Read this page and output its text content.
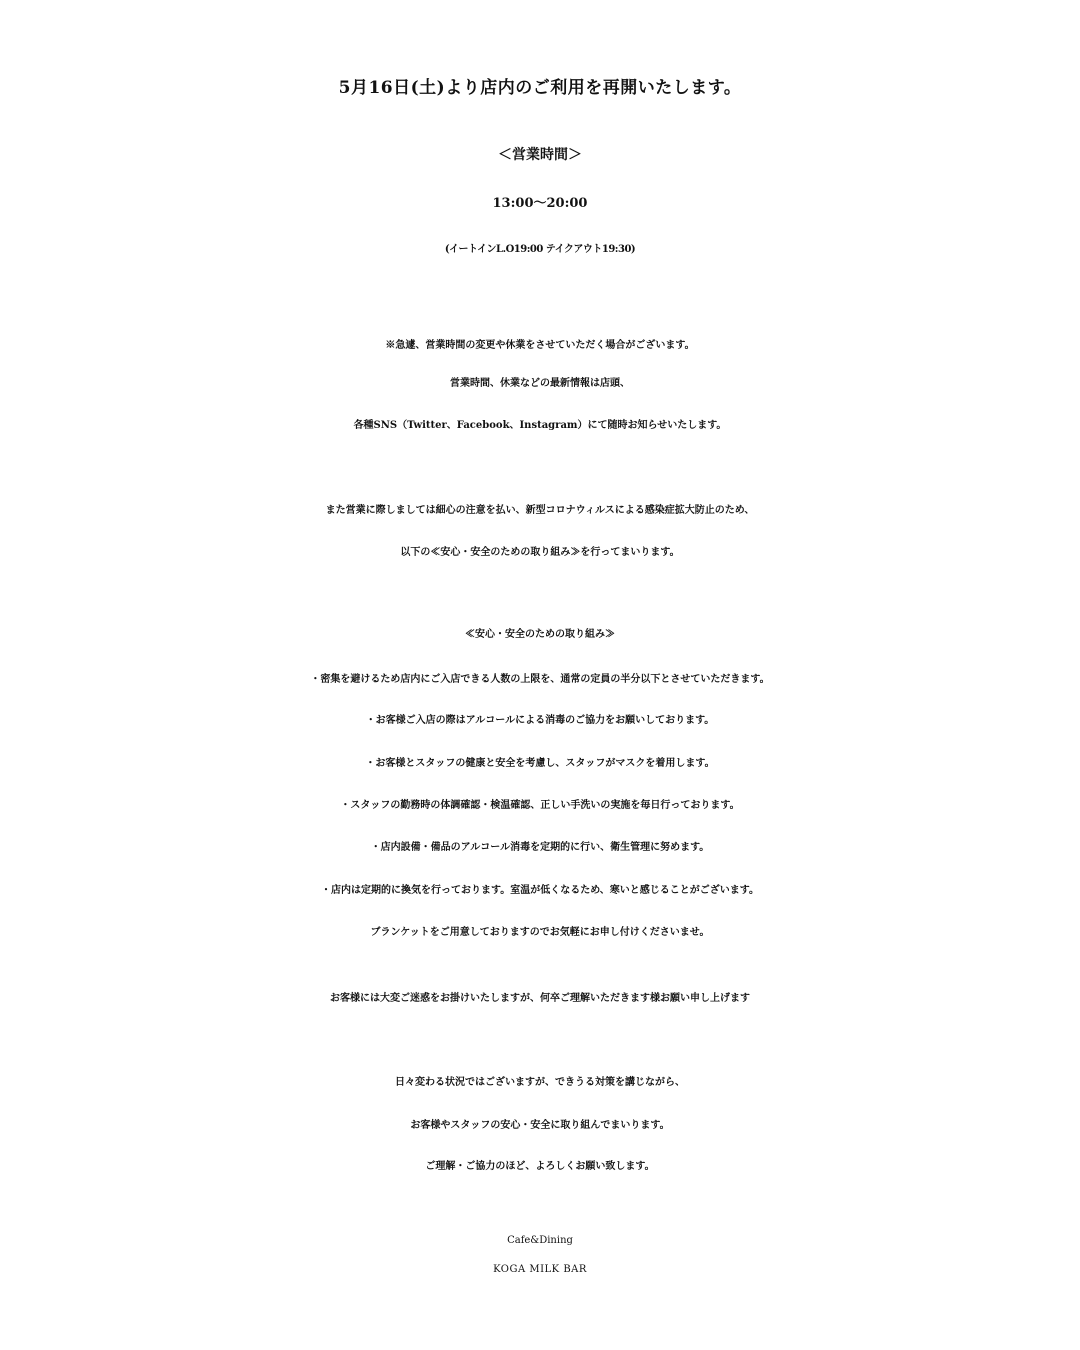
5月16日(土)より店内のご利用を再開いたします。
＜営業時間＞
13:00〜20:00
(イートインL.O19:00 テイクアウト19:30)
※急遽、営業時間の変更や休業をさせていただく場合がございます。
営業時間、休業などの最新情報は店頭、
各種SNS（Twitter、Facebook、Instagram）にて随時お知らせいたします。
また営業に際しましては細心の注意を払い、新型コロナウィルスによる感染症拡大防止のため、
以下の≪安心・安全のための取り組み≫を行ってまいります。
≪安心・安全のための取り組み≫
・密集を避けるため店内にご入店できる人数の上限を、通常の定員の半分以下とさせていただきます。
・お客様ご入店の際はアルコールによる消毒のご協力をお願いしております。
・お客様とスタッフの健康と安全を考慮し、スタッフがマスクを着用します。
・スタッフの勤務時の体調確認・検温確認、正しい手洗いの実施を毎日行っております。
・店内設備・備品のアルコール消毒を定期的に行い、衛生管理に努めます。
・店内は定期的に換気を行っております。室温が低くなるため、寒いと感じることがございます。
ブランケットをご用意しておりますのでお気軽にお申し付けくださいませ。
お客様には大変ご迷惑をお掛けいたしますが、何卒ご理解いただきます様お願い申し上げます
日々変わる状況ではございますが、できうる対策を講じながら、
お客様やスタッフの安心・安全に取り組んでまいります。
ご理解・ご協力のほど、よろしくお願い致します。
Cafe&Dining
KOGA MILK BAR
